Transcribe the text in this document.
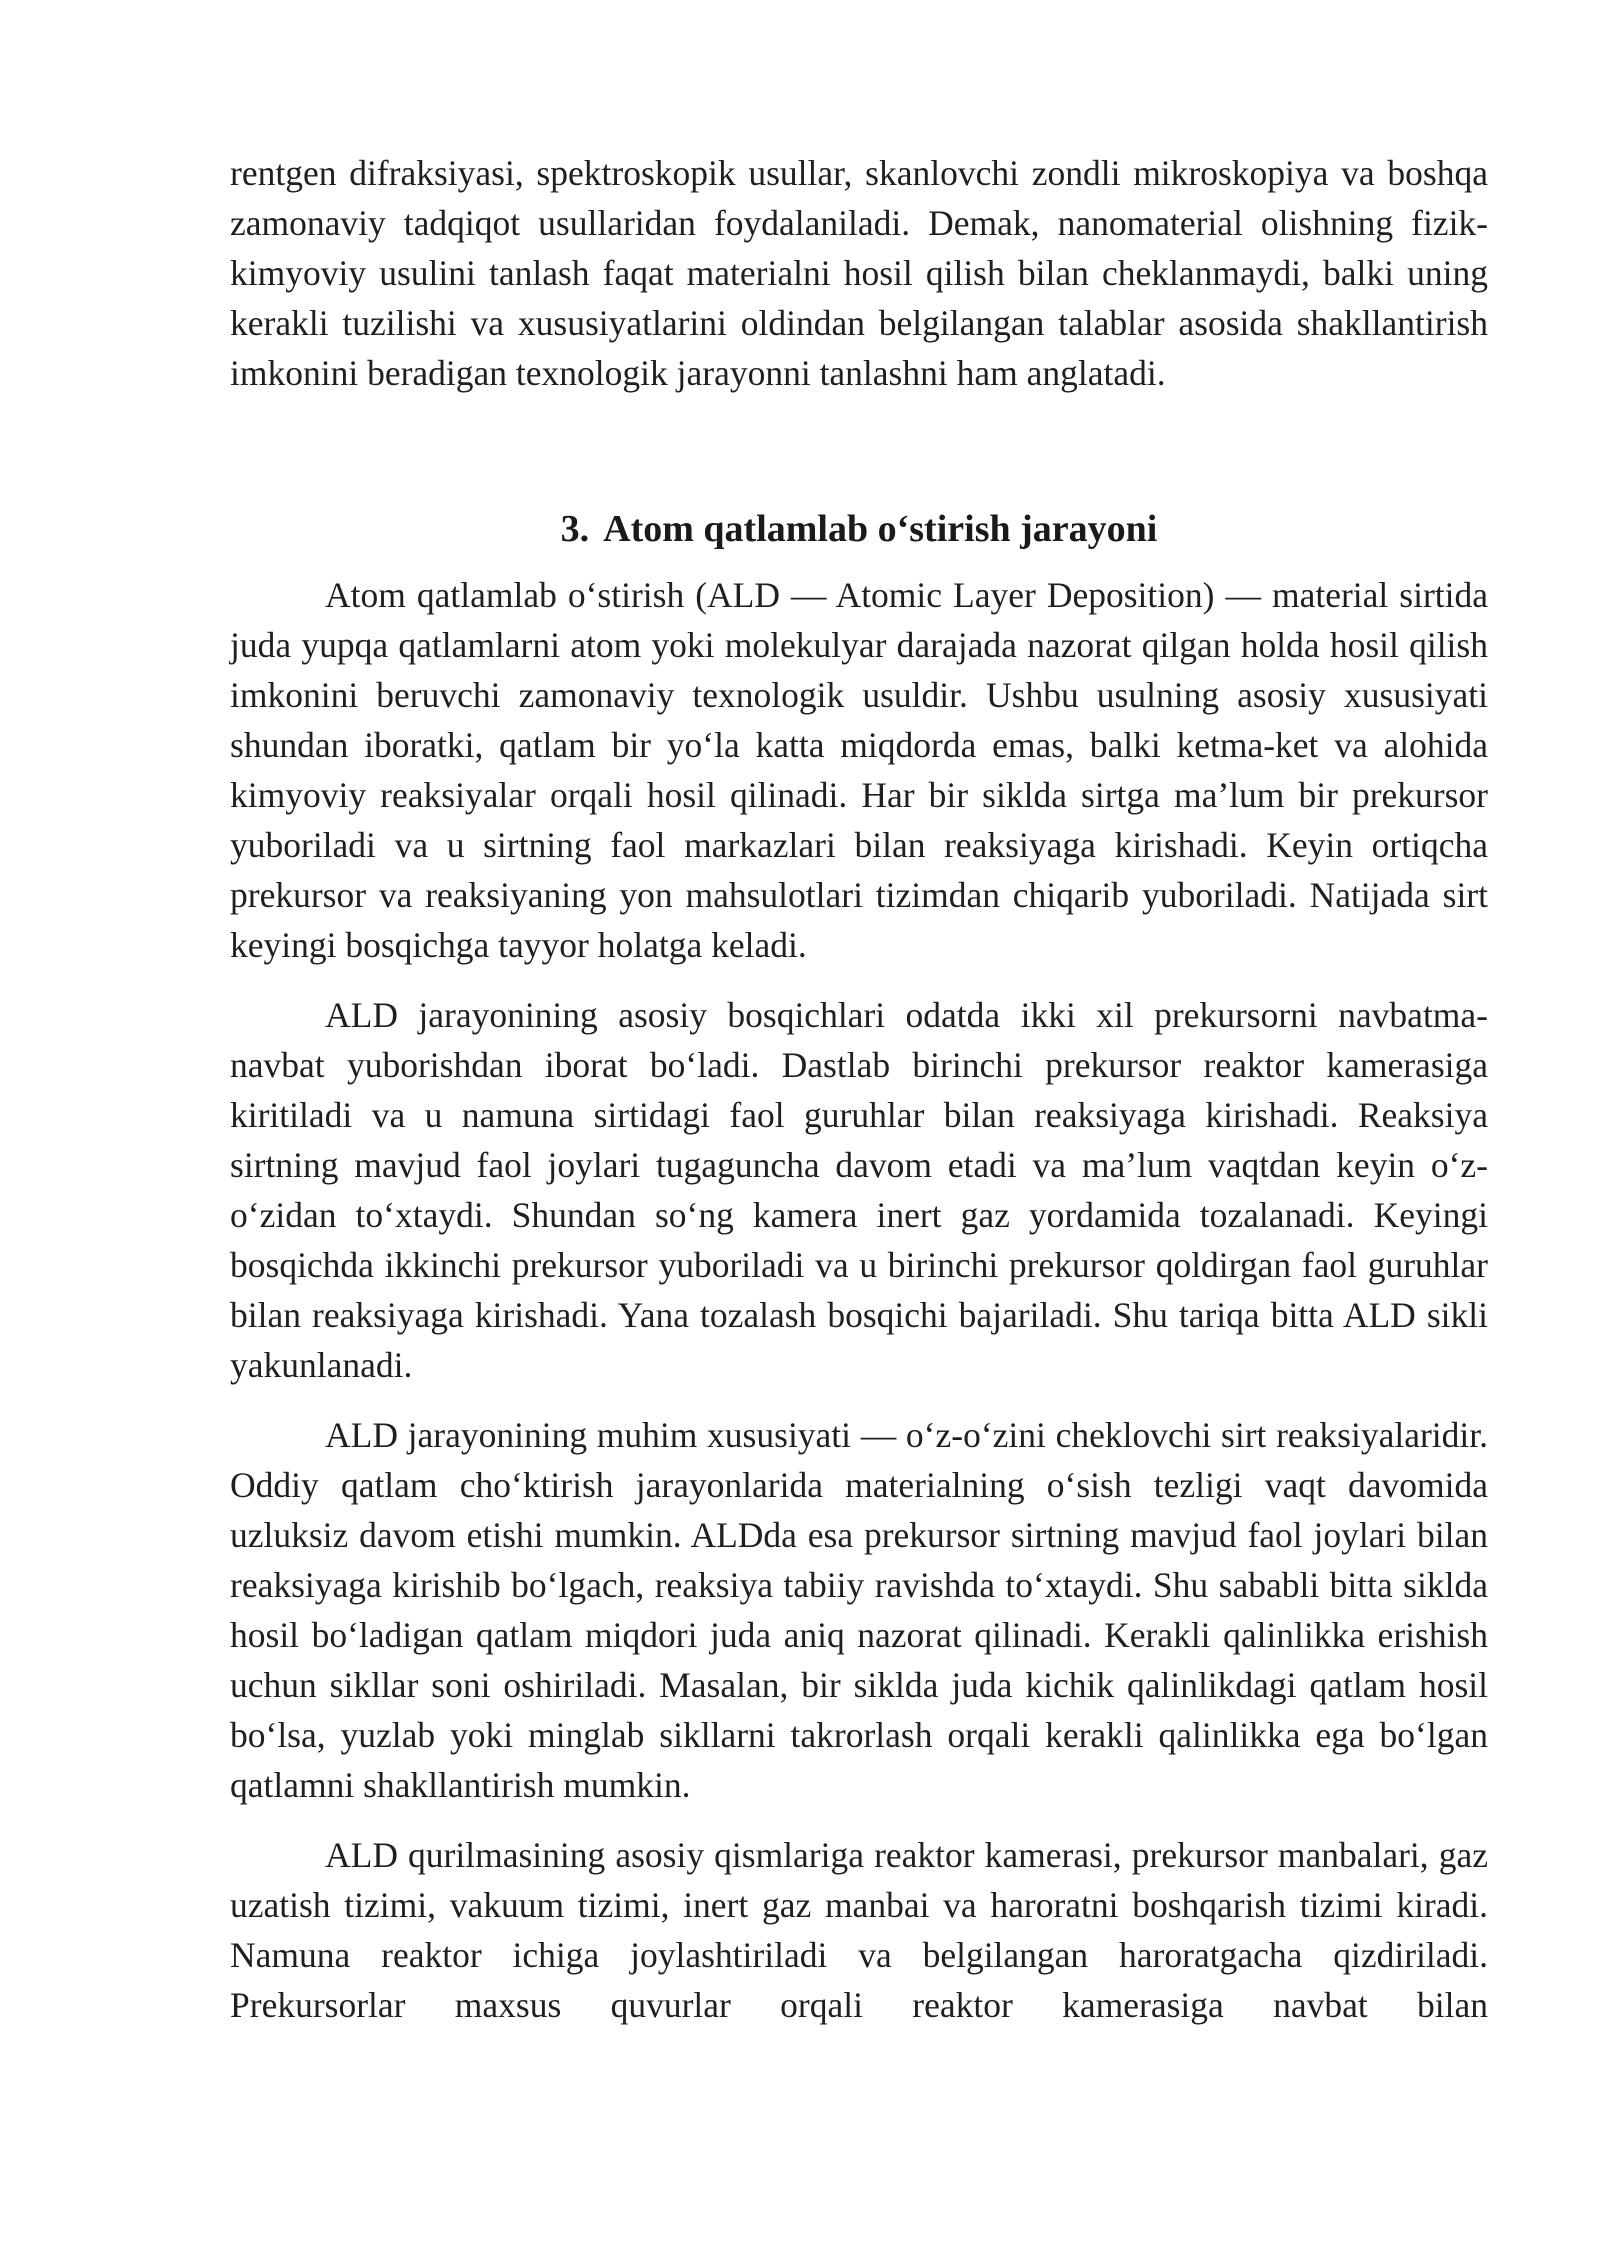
rentgen difraksiyasi, spektroskopik usullar, skanlovchi zondli mikroskopiya va boshqa zamonaviy tadqiqot usullaridan foydalaniladi. Demak, nanomaterial olishning fizik-kimyoviy usulini tanlash faqat materialni hosil qilish bilan cheklanmaydi, balki uning kerakli tuzilishi va xususiyatlarini oldindan belgilangan talablar asosida shakllantirish imkonini beradigan texnologik jarayonni tanlashni ham anglatadi.

3. Atom qatlamlab o‘stirish jarayoni

Atom qatlamlab o‘stirish (ALD — Atomic Layer Deposition) — material sirtida juda yupqa qatlamlarni atom yoki molekulyar darajada nazorat qilgan holda hosil qilish imkonini beruvchi zamonaviy texnologik usuldir. Ushbu usulning asosiy xususiyati shundan iboratki, qatlam bir yo‘la katta miqdorda emas, balki ketma-ket va alohida kimyoviy reaksiyalar orqali hosil qilinadi. Har bir siklda sirtga ma’lum bir prekursor yuboriladi va u sirtning faol markazlari bilan reaksiyaga kirishadi. Keyin ortiqcha prekursor va reaksiyaning yon mahsulotlari tizimdan chiqarib yuboriladi. Natijada sirt keyingi bosqichga tayyor holatga keladi.

ALD jarayonining asosiy bosqichlari odatda ikki xil prekursorni navbatma-navbat yuborishdan iborat bo‘ladi. Dastlab birinchi prekursor reaktor kamerasiga kiritiladi va u namuna sirtidagi faol guruhlar bilan reaksiyaga kirishadi. Reaksiya sirtning mavjud faol joylari tugaguncha davom etadi va ma’lum vaqtdan keyin o‘z-o‘zidan to‘xtaydi. Shundan so‘ng kamera inert gaz yordamida tozalanadi. Keyingi bosqichda ikkinchi prekursor yuboriladi va u birinchi prekursor qoldirgan faol guruhlar bilan reaksiyaga kirishadi. Yana tozalash bosqichi bajariladi. Shu tariqa bitta ALD sikli yakunlanadi.

ALD jarayonining muhim xususiyati — o‘z-o‘zini cheklovchi sirt reaksiyalaridir. Oddiy qatlam cho‘ktirish jarayonlarida materialning o‘sish tezligi vaqt davomida uzluksiz davom etishi mumkin. ALDda esa prekursor sirtning mavjud faol joylari bilan reaksiyaga kirishib bo‘lgach, reaksiya tabiiy ravishda to‘xtaydi. Shu sababli bitta siklda hosil bo‘ladigan qatlam miqdori juda aniq nazorat qilinadi. Kerakli qalinlikka erishish uchun sikllar soni oshiriladi. Masalan, bir siklda juda kichik qalinlikdagi qatlam hosil bo‘lsa, yuzlab yoki minglab sikllarni takrorlash orqali kerakli qalinlikka ega bo‘lgan qatlamni shakllantirish mumkin.

ALD qurilmasining asosiy qismlariga reaktor kamerasi, prekursor manbalari, gaz uzatish tizimi, vakuum tizimi, inert gaz manbai va haroratni boshqarish tizimi kiradi. Namuna reaktor ichiga joylashtiriladi va belgilangan haroratgacha qizdiriladi. Prekursorlar maxsus quvurlar orqali reaktor kamerasiga navbat bilan
